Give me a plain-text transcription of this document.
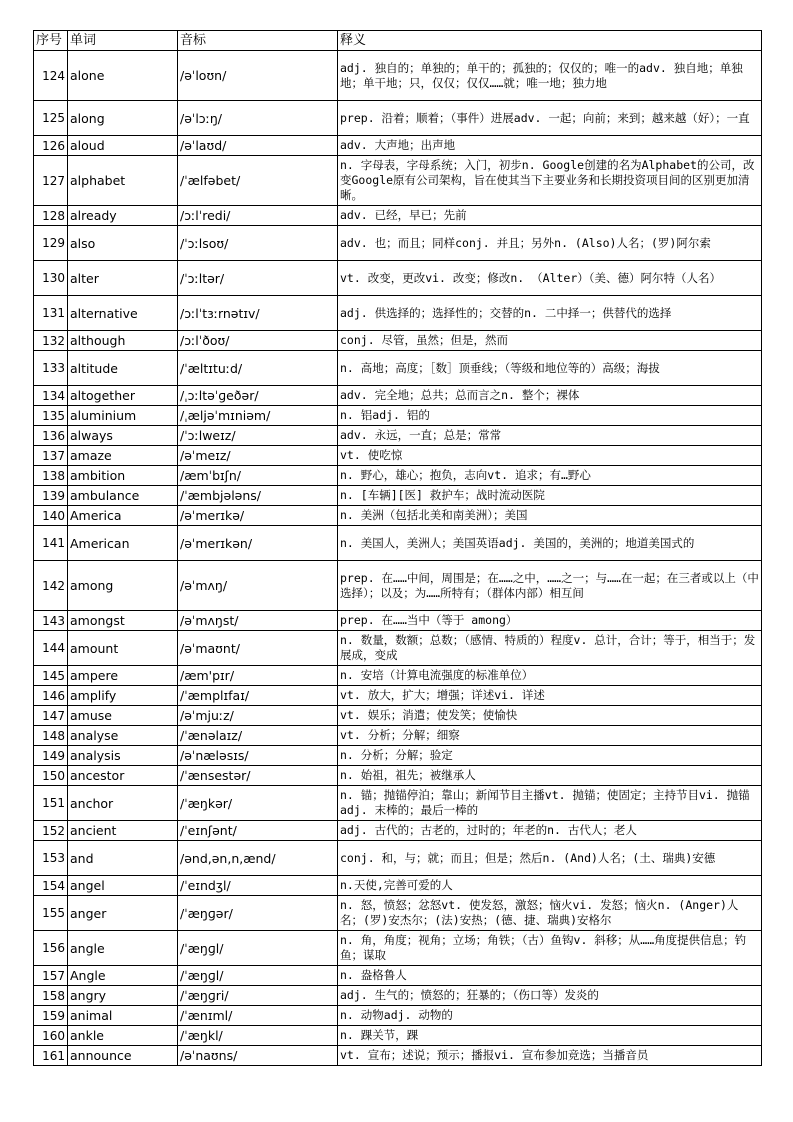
序号	单词	音标	释义
124	alone	/əˈloʊn/	adj. 独自的；单独的；单干的；孤独的；仅仅的；唯一的adv. 独自地；单独地；单干地；只，仅仅；仅仅……就；唯一地；独力地
125	along	/əˈlɔːŋ/	prep. 沿着；顺着；（事件）进展adv. 一起；向前；来到；越来越（好）；一直
126	aloud	/əˈlaʊd/	adv. 大声地；出声地
127	alphabet	/ˈælfəbet/	n. 字母表，字母系统；入门，初步n. Google创建的名为Alphabet的公司，改变Google原有公司架构，旨在使其当下主要业务和长期投资项目间的区别更加清晰。
128	already	/ɔːlˈredi/	adv. 已经，早已；先前
129	also	/ˈɔːlsoʊ/	adv. 也；而且；同样conj. 并且；另外n. (Also)人名；(罗)阿尔索
130	alter	/ˈɔːltər/	vt. 改变，更改vi. 改变；修改n. （Alter）（美、德）阿尔特（人名）
131	alternative	/ɔːlˈtɜːrnətɪv/	adj. 供选择的；选择性的；交替的n. 二中择一；供替代的选择
132	although	/ɔːlˈðoʊ/	conj. 尽管，虽然；但是，然而
133	altitude	/ˈæltɪtuːd/	n. 高地；高度；［数］顶垂线；（等级和地位等的）高级；海拔
134	altogether	/ˌɔːltəˈɡeðər/	adv. 完全地；总共；总而言之n. 整个；裸体
135	aluminium	/ˌæljəˈmɪniəm/	n. 铝adj. 铝的
136	always	/ˈɔːlweɪz/	adv. 永远，一直；总是；常常
137	amaze	/əˈmeɪz/	vt. 使吃惊
138	ambition	/æmˈbɪʃn/	n. 野心，雄心；抱负，志向vt. 追求；有…野心
139	ambulance	/ˈæmbjələns/	n. [车辆][医] 救护车；战时流动医院
140	America	/əˈmerɪkə/	n. 美洲（包括北美和南美洲）；美国
141	American	/əˈmerɪkən/	n. 美国人，美洲人；美国英语adj. 美国的，美洲的；地道美国式的
142	among	/əˈmʌŋ/	prep. 在……中间，周围是；在……之中，……之一；与……在一起；在三者或以上（中选择）；以及；为……所特有；（群体内部）相互间
143	amongst	/əˈmʌŋst/	prep. 在……当中（等于 among）
144	amount	/əˈmaʊnt/	n. 数量，数额；总数；（感情、特质的）程度v. 总计，合计；等于，相当于；发展成，变成
145	ampere	/æm'pɪr/	n. 安培（计算电流强度的标准单位）
146	amplify	/ˈæmplɪfaɪ/	vt. 放大，扩大；增强；详述vi. 详述
147	amuse	/əˈmjuːz/	vt. 娱乐；消遣；使发笑；使愉快
148	analyse	/ˈænəlaɪz/	vt. 分析；分解；细察
149	analysis	/əˈnæləsɪs/	n. 分析；分解；验定
150	ancestor	/ˈænsestər/	n. 始祖，祖先；被继承人
151	anchor	/ˈæŋkər/	n. 锚；抛锚停泊；靠山；新闻节目主播vt. 抛锚；使固定；主持节目vi. 抛锚adj. 末棒的；最后一棒的
152	ancient	/ˈeɪnʃənt/	adj. 古代的；古老的，过时的；年老的n. 古代人；老人
153	and	/ənd,ən,n,ænd/	conj. 和，与；就；而且；但是；然后n. (And)人名；(土、瑞典)安德
154	angel	/ˈeɪndʒl/	n.天使,完善可爱的人
155	anger	/ˈæŋɡər/	n. 怒，愤怒；忿怒vt. 使发怒，激怒；恼火vi. 发怒；恼火n. (Anger)人名；(罗)安杰尔；(法)安热；(德、捷、瑞典)安格尔
156	angle	/ˈæŋɡl/	n. 角，角度；视角；立场；角铁；（古）鱼钩v. 斜移；从……角度提供信息；钓鱼；谋取
157	Angle	/ˈæŋɡl/	n. 盎格鲁人
158	angry	/ˈæŋɡri/	adj. 生气的；愤怒的；狂暴的；（伤口等）发炎的
159	animal	/ˈænɪml/	n. 动物adj. 动物的
160	ankle	/ˈæŋkl/	n. 踝关节，踝
161	announce	/əˈnaʊns/	vt. 宣布；述说；预示；播报vi. 宣布参加竞选；当播音员
